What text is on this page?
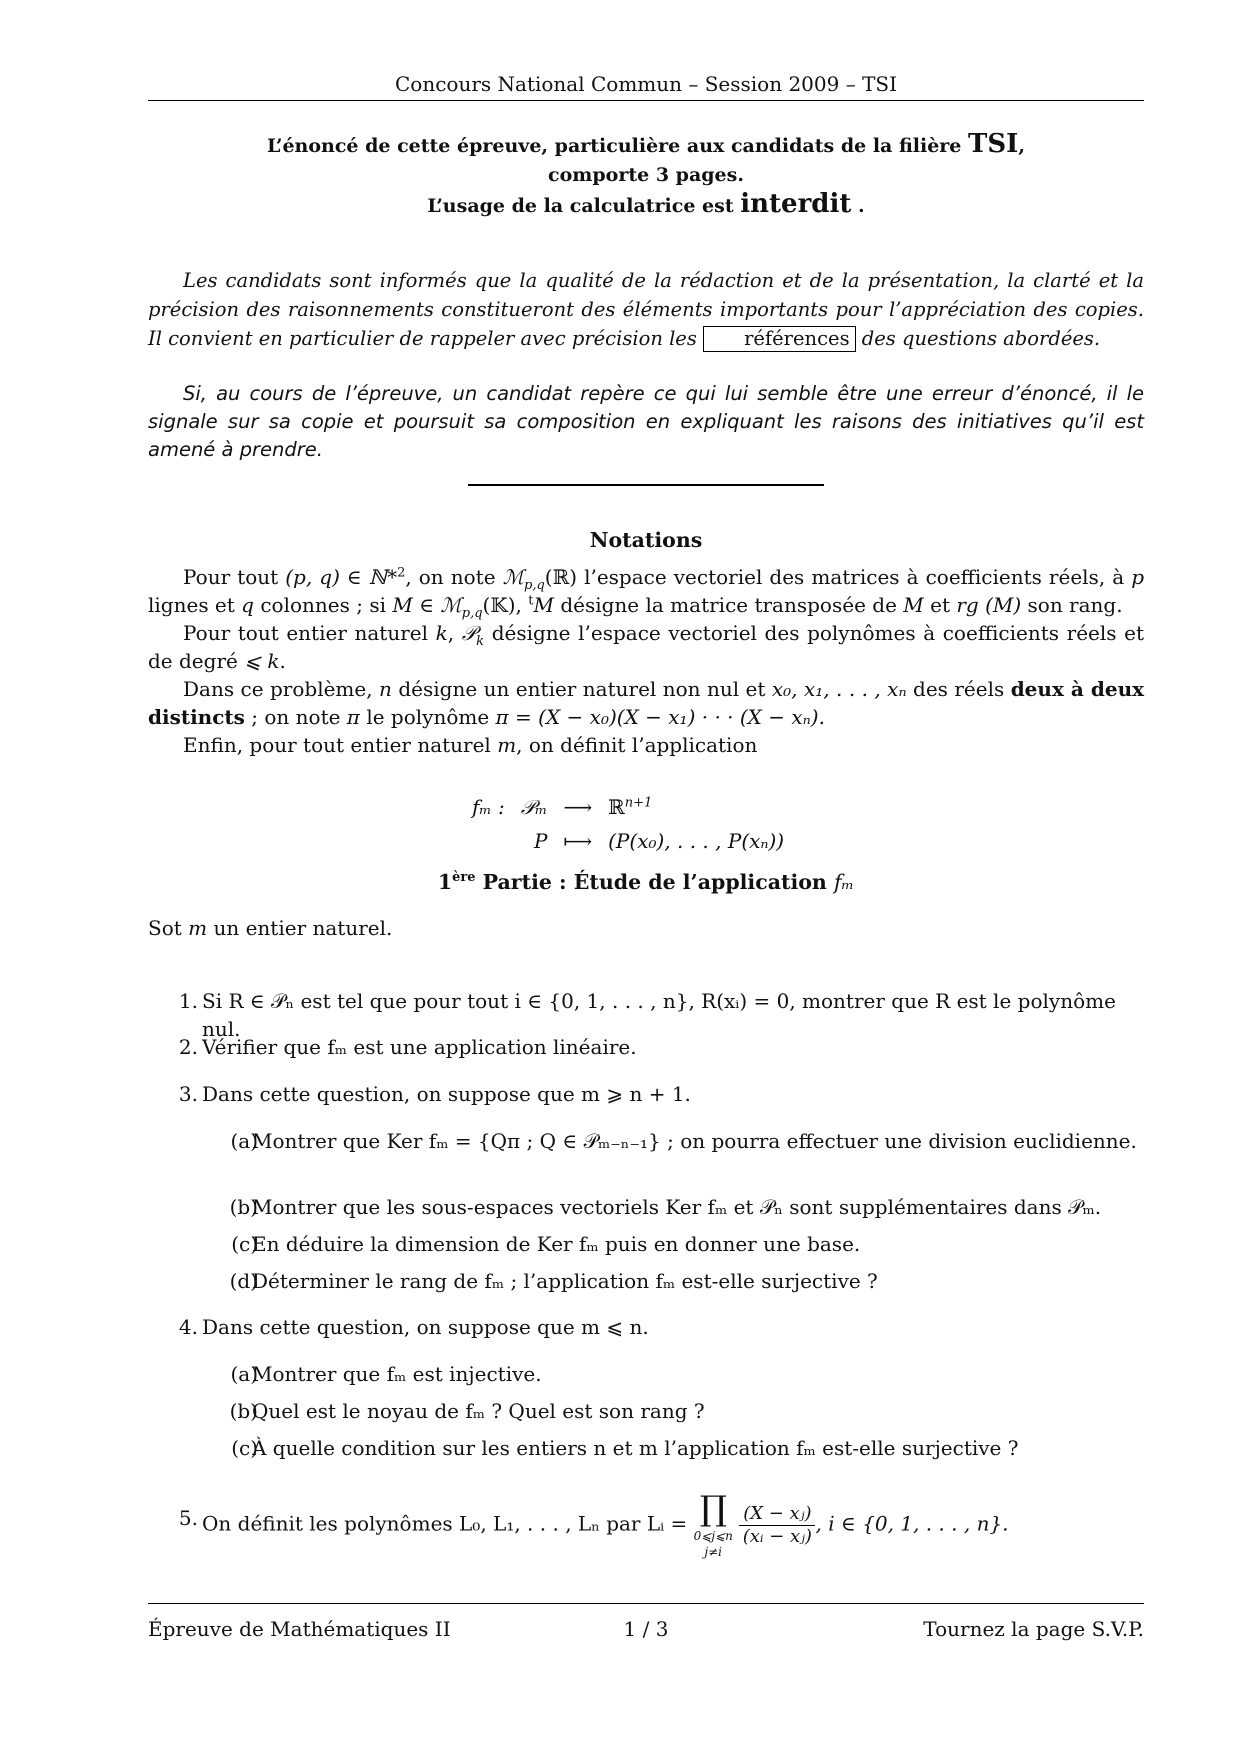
Concours National Commun – Session 2009 – TSI
L’énoncé de cette épreuve, particulière aux candidats de la filière TSI,
comporte 3 pages.
L’usage de la calculatrice est interdit .
Les candidats sont informés que la qualité de la rédaction et de la présentation, la clarté et la précision des raisonnements constitueront des éléments importants pour l’appréciation des copies. Il convient en particulier de rappeler avec précision les références des questions abordées.
Si, au cours de l’épreuve, un candidat repère ce qui lui semble être une erreur d’énoncé, il le signale sur sa copie et poursuit sa composition en expliquant les raisons des initiatives qu’il est amené à prendre.
Notations
Pour tout (p, q) ∈ ℕ*$^2$, on note ℳ$_{p,q}$(ℝ) l’espace vectoriel des matrices à coefficients réels, à p lignes et q colonnes ; si M ∈ ℳ$_{p,q}$(𝕂), $^t$M désigne la matrice transposée de M et rg (M) son rang.
Pour tout entier naturel k, 𝒫$_k$ désigne l’espace vectoriel des polynômes à coefficients réels et de degré ⩽ k.
Dans ce problème, n désigne un entier naturel non nul et x₀, x₁, . . . , xₙ des réels deux à deux distincts ; on note π le polynôme π = (X − x₀)(X − x₁) · · · (X − xₙ).
Enfin, pour tout entier naturel m, on définit l’application
fₘ :	𝒫ₘ	⟶	ℝ$^{n+1}$
	P	⟼	(P(x₀), . . . , P(xₙ))
1ère Partie : Étude de l’application fₘ
Sot m un entier naturel.
1. Si R ∈ 𝒫ₙ est tel que pour tout i ∈ {0, 1, . . . , n}, R(xᵢ) = 0, montrer que R est le polynôme nul.
2. Vérifier que fₘ est une application linéaire.
3. Dans cette question, on suppose que m ⩾ n + 1.
(a)
Montrer que Ker fₘ = {Qπ ; Q ∈ 𝒫ₘ₋ₙ₋₁} ; on pourra effectuer une division euclidienne.
(b)
Montrer que les sous-espaces vectoriels Ker fₘ et 𝒫ₙ sont supplémentaires dans 𝒫ₘ.
(c)
En déduire la dimension de Ker fₘ puis en donner une base.
(d)
Déterminer le rang de fₘ ; l’application fₘ est-elle surjective ?
4. Dans cette question, on suppose que m ⩽ n.
(a)
Montrer que fₘ est injective.
(b)
Quel est le noyau de fₘ ? Quel est son rang ?
(c)
À quelle condition sur les entiers n et m l’application fₘ est-elle surjective ?
5. On définit les polynômes L₀, L₁, . . . , Lₙ par Lᵢ = ∏
0⩽j⩽n
j≠i

$\frac{\text{(X − xⱼ)}}{\text{(xᵢ − xⱼ)}}$, i ∈ {0, 1, . . . , n}.
Épreuve de Mathématiques II	1 / 3	Tournez la page S.V.P.
